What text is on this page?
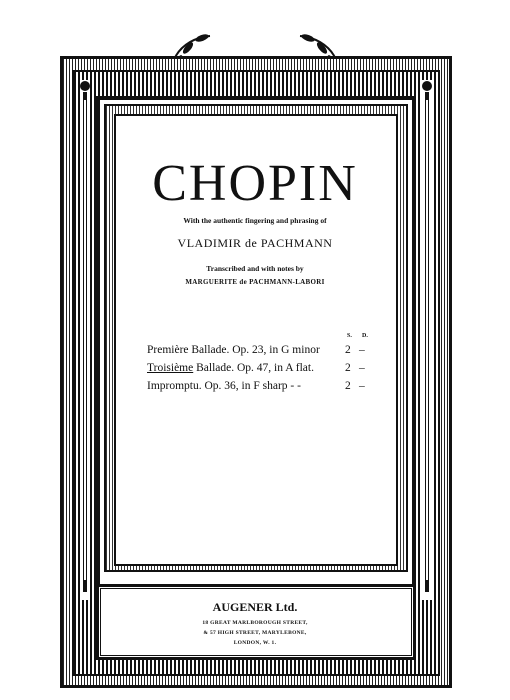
CHOPIN
With the authentic fingering and phrasing of
VLADIMIR de PACHMANN
Transcribed and with notes by
MARGUERITE de PACHMANN-LABORI
S. D.
Première Ballade. Op. 23, in G minor 2 –
Troisième Ballade. Op. 47, in A flat.	2 –
Impromptu. Op. 36, in F sharp - -	2 –
AUGENER Ltd.
18 GREAT MARLBOROUGH STREET,
& 57 HIGH STREET, MARYLEBONE,
LONDON, W. 1.
